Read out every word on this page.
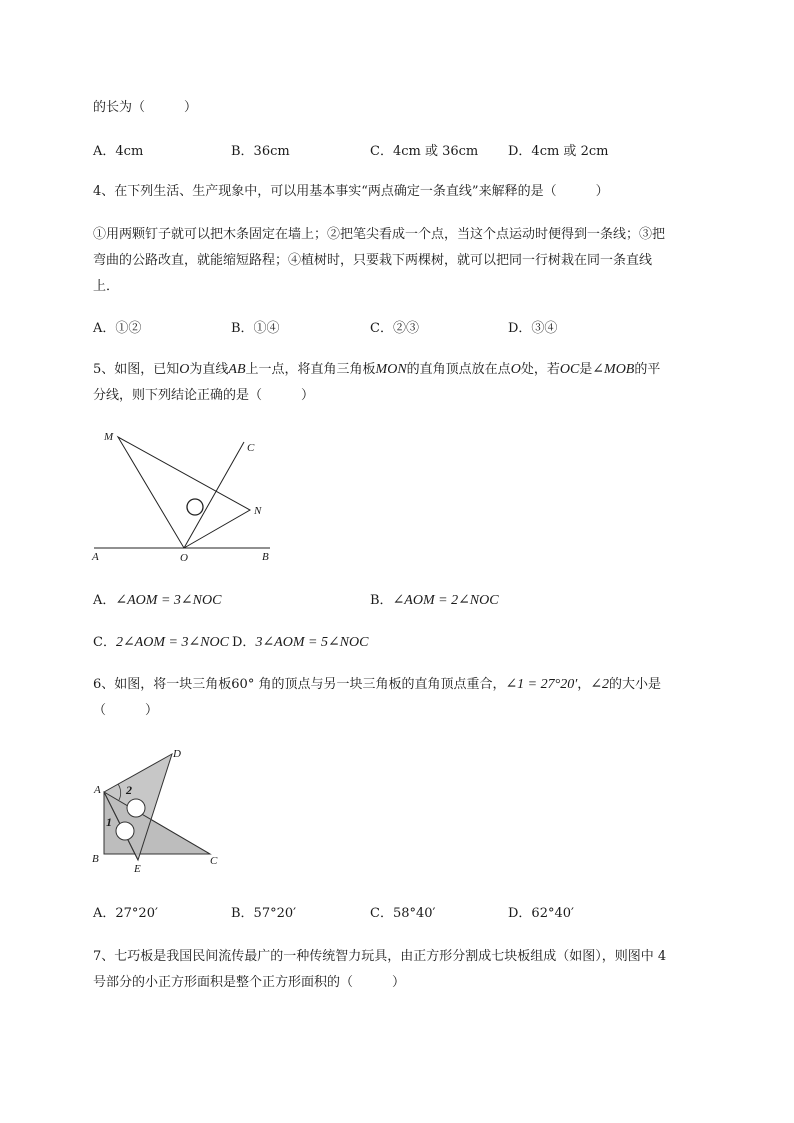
的长为（　　　）
A．4cm	B．36cm	C．4cm 或 36cm D．4cm 或 2cm
4、在下列生活、生产现象中，可以用基本事实“两点确定一条直线”来解释的是（　　　）
①用两颗钉子就可以把木条固定在墙上；②把笔尖看成一个点，当这个点运动时便得到一条线；③把
弯曲的公路改直，就能缩短路程；④植树时，只要栽下两棵树，就可以把同一行树栽在同一条直线
上．
A．①②	B．①④	C．②③	D．③④
5、如图，已知O为直线AB上一点，将直角三角板MON的直角顶点放在点O处，若OC是∠MOB的平
分线，则下列结论正确的是（　　　）
M
C
N
A	O	B
A．∠AOM = 3∠NOC	B．∠AOM = 2∠NOC
C．2∠AOM = 3∠NOC D．3∠AOM = 5∠NOC
6、如图，将一块三角板60° 角的顶点与另一块三角板的直角顶点重合，∠1 = 27°20′，∠2的大小是
（　　　）
A
D
2
1
B
E
C
A．27°20′	B．57°20′	C．58°40′	D．62°40′
7、七巧板是我国民间流传最广的一种传统智力玩具，由正方形分割成七块板组成（如图），则图中 4
号部分的小正方形面积是整个正方形面积的（　　　）
